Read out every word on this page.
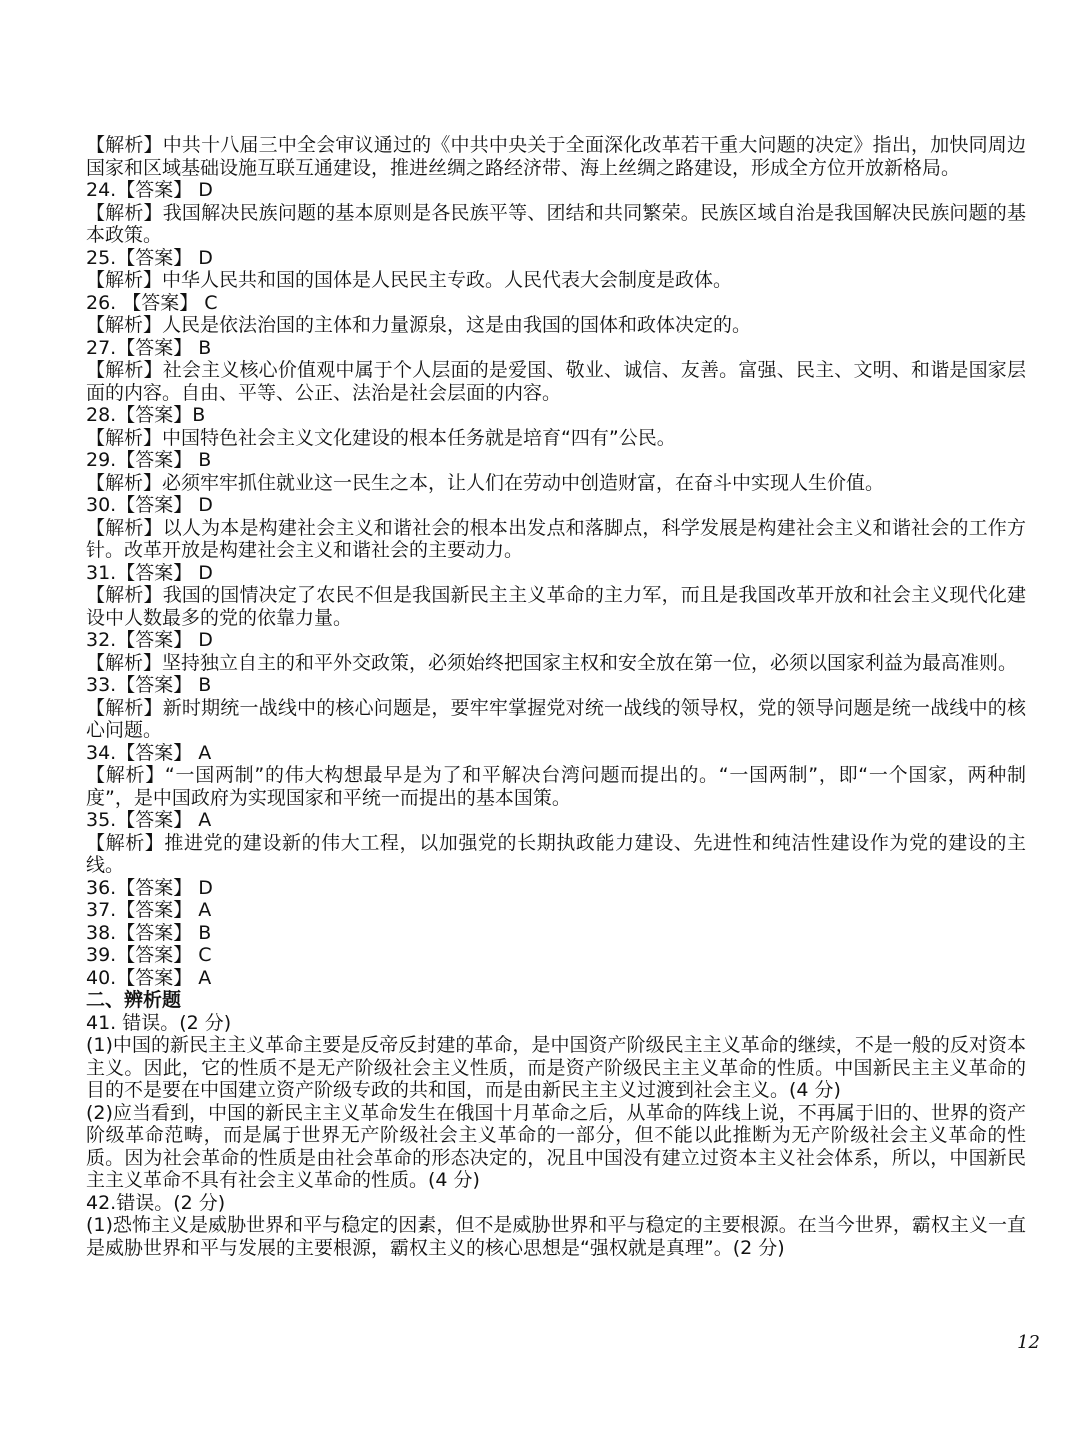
【解析】中共十八届三中全会审议通过的《中共中央关于全面深化改革若干重大问题的决定》指出，加快同周边国家和区域基础设施互联互通建设，推进丝绸之路经济带、海上丝绸之路建设，形成全方位开放新格局。

24.【答案】 D

【解析】我国解决民族问题的基本原则是各民族平等、团结和共同繁荣。民族区域自治是我国解决民族问题的基本政策。

25.【答案】 D

【解析】中华人民共和国的国体是人民民主专政。人民代表大会制度是政体。

26. 【答案】 C

【解析】人民是依法治国的主体和力量源泉，这是由我国的国体和政体决定的。

27.【答案】 B

【解析】社会主义核心价值观中属于个人层面的是爱国、敬业、诚信、友善。富强、民主、文明、和谐是国家层面的内容。自由、平等、公正、法治是社会层面的内容。

28.【答案】B

【解析】中国特色社会主义文化建设的根本任务就是培育“四有”公民。

29.【答案】 B

【解析】必须牢牢抓住就业这一民生之本，让人们在劳动中创造财富，在奋斗中实现人生价值。

30.【答案】 D

【解析】以人为本是构建社会主义和谐社会的根本出发点和落脚点，科学发展是构建社会主义和谐社会的工作方针。改革开放是构建社会主义和谐社会的主要动力。

31.【答案】 D

【解析】我国的国情决定了农民不但是我国新民主主义革命的主力军，而且是我国改革开放和社会主义现代化建设中人数最多的党的依靠力量。

32.【答案】 D

【解析】坚持独立自主的和平外交政策，必须始终把国家主权和安全放在第一位，必须以国家利益为最高准则。

33.【答案】 B

【解析】新时期统一战线中的核心问题是，要牢牢掌握党对统一战线的领导权，党的领导问题是统一战线中的核心问题。

34.【答案】 A

【解析】“一国两制”的伟大构想最早是为了和平解决台湾问题而提出的。“一国两制”，即“一个国家，两种制度”，是中国政府为实现国家和平统一而提出的基本国策。

35.【答案】 A

【解析】推进党的建设新的伟大工程，以加强党的长期执政能力建设、先进性和纯洁性建设作为党的建设的主线。

36.【答案】 D

37.【答案】 A

38.【答案】 B

39.【答案】 C

40.【答案】 A

二、辨析题

41. 错误。(2 分)

(1)中国的新民主主义革命主要是反帝反封建的革命，是中国资产阶级民主主义革命的继续，不是一般的反对资本主义。因此，它的性质不是无产阶级社会主义性质，而是资产阶级民主主义革命的性质。中国新民主主义革命的目的不是要在中国建立资产阶级专政的共和国，而是由新民主主义过渡到社会主义。(4 分)

(2)应当看到，中国的新民主主义革命发生在俄国十月革命之后，从革命的阵线上说，不再属于旧的、世界的资产阶级革命范畴，而是属于世界无产阶级社会主义革命的一部分，但不能以此推断为无产阶级社会主义革命的性质。因为社会革命的性质是由社会革命的形态决定的，况且中国没有建立过资本主义社会体系，所以，中国新民主主义革命不具有社会主义革命的性质。(4 分)

42.错误。(2 分)

(1)恐怖主义是威胁世界和平与稳定的因素，但不是威胁世界和平与稳定的主要根源。在当今世界，霸权主义一直是威胁世界和平与发展的主要根源，霸权主义的核心思想是“强权就是真理”。(2 分)

12
